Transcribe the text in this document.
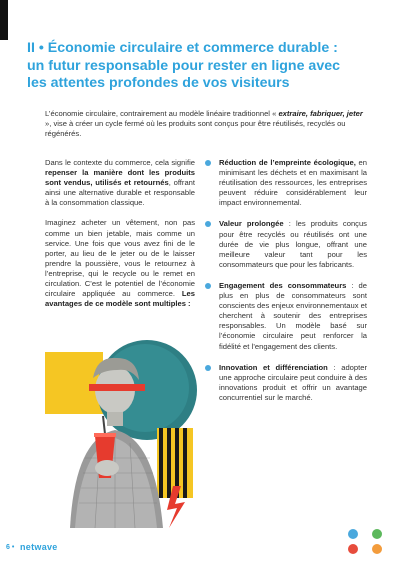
II • Économie circulaire et commerce durable :
un futur responsable pour rester en ligne avec
les attentes profondes de vos visiteurs
L’économie circulaire, contrairement au modèle linéaire traditionnel « extraire, fabriquer, jeter », vise à créer un cycle fermé où les produits sont conçus pour être réutilisés, recyclés ou régénérés.

Dans le contexte du commerce, cela signifie repenser la manière dont les produits sont vendus, utilisés et retournés, offrant ainsi une alternative durable et responsable à la consommation classique.

Imaginez acheter un vêtement, non pas comme un bien jetable, mais comme un service. Une fois que vous avez fini de le porter, au lieu de le jeter ou de le laisser prendre la poussière, vous le retournez à l’entreprise, qui le recycle ou le remet en circulation. C’est le potentiel de l’économie circulaire appliquée au commerce. Les avantages de ce modèle sont multiples :

Réduction de l’empreinte écologique, en minimisant les déchets et en maximisant la réutilisation des ressources, les entreprises peuvent réduire considérablement leur impact environnemental.
Valeur prolongée : les produits conçus pour être recyclés ou réutilisés ont une durée de vie plus longue, offrant une meilleure valeur tant pour les consommateurs que pour les fabricants.
Engagement des consommateurs : de plus en plus de consommateurs sont conscients des enjeux environnementaux et cherchent à soutenir des entreprises responsables. Un modèle basé sur l’économie circulaire peut renforcer la fidélité et l’engagement des clients.
Innovation et différenciation : adopter une approche circulaire peut conduire à des innovations produit et offrir un avantage concurrentiel sur le marché.
6 • netwave
